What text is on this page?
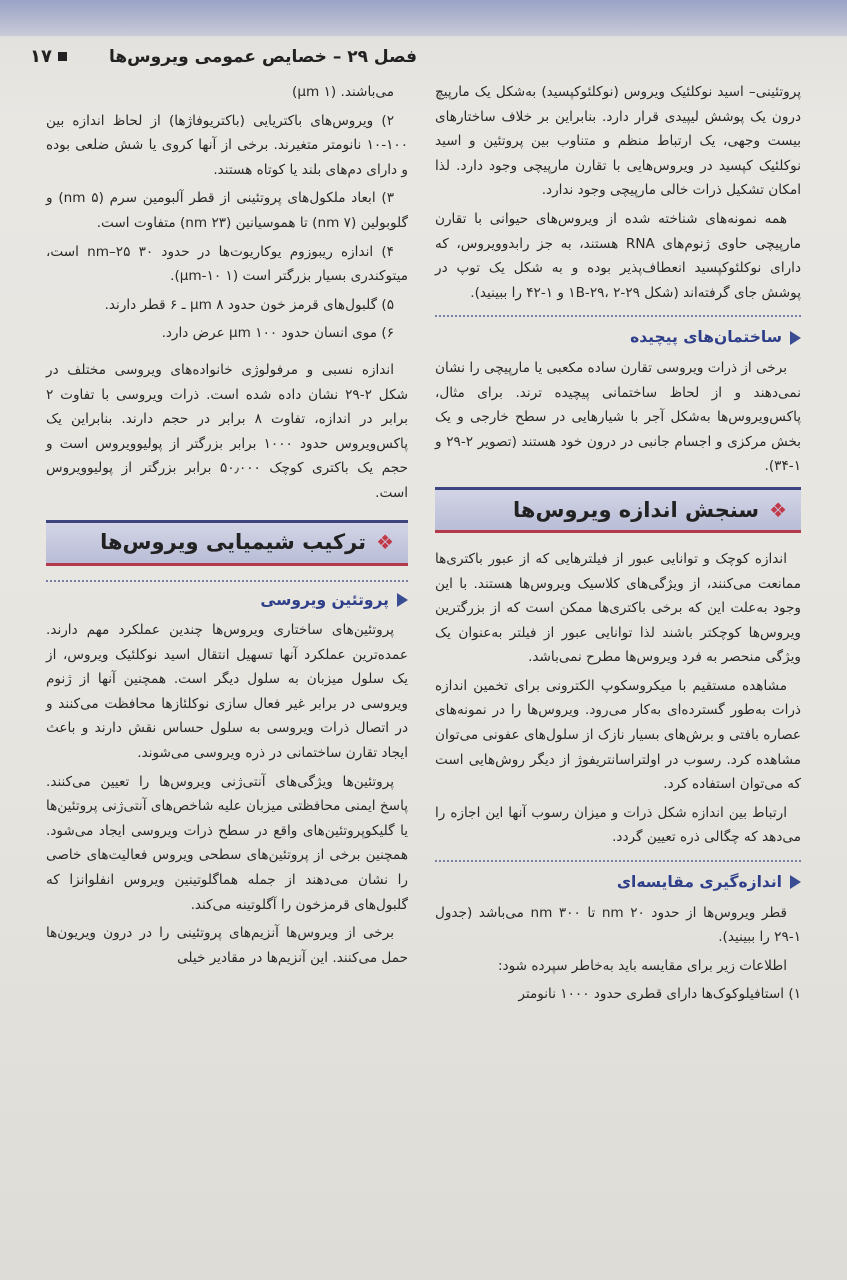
فصل ۲۹ – خصایص عمومی ویروس‌ها
۱۷

پروتئینی– اسید نوکلئیک ویروس (نوکلئوکپسید) به‌شکل یک مارپیچ درون یک پوشش لیپیدی قرار دارد. بنابراین بر خلاف ساختارهای بیست وجهی، یک ارتباط منظم و متناوب بین پروتئین و اسید نوکلئیک کپسید در ویروس‌هایی با تقارن مارپیچی وجود دارد. لذا امکان تشکیل ذرات خالی مارپیچی وجود ندارد.

همه نمونه‌های شناخته شده از ویروس‌های حیوانی با تقارن مارپیچی حاوی ژنوم‌های RNA هستند، به جز رابدوویروس، که دارای نوکلئوکپسید انعطاف‌پذیر بوده و به شکل یک توپ در پوشش جای گرفته‌اند (شکل ۱B-۲۹، ۲-۲۹ و ۱-۴۲ را ببینید).

ساختمان‌های پیچیده

برخی از ذرات ویروسی تقارن ساده مکعبی یا مارپیچی را نشان نمی‌دهند و از لحاظ ساختمانی پیچیده ترند. برای مثال، پاکس‌ویروس‌ها به‌شکل آجر با شیارهایی در سطح خارجی و یک بخش مرکزی و اجسام جانبی در درون خود هستند (تصویر ۲-۲۹ و ۱-۳۴).

❖
سنجش اندازه ویروس‌ها

اندازه کوچک و توانایی عبور از فیلترهایی که از عبور باکتری‌ها ممانعت می‌کنند، از ویژگی‌های کلاسیک ویروس‌ها هستند. با این وجود به‌علت این که برخی باکتری‌ها ممکن است که از بزرگترین ویروس‌ها کوچکتر باشند لذا توانایی عبور از فیلتر به‌عنوان یک ویژگی منحصر به فرد ویروس‌ها مطرح نمی‌باشد.

مشاهده مستقیم با میکروسکوپ الکترونی برای تخمین اندازه ذرات به‌طور گسترده‌ای به‌کار می‌رود. ویروس‌ها را در نمونه‌های عصاره بافتی و برش‌های بسیار نازک از سلول‌های عفونی می‌توان مشاهده کرد. رسوب در اولتراسانتریفوژ از دیگر روش‌هایی است که می‌توان استفاده کرد.

ارتباط بین اندازه شکل ذرات و میزان رسوب آنها این اجازه را می‌دهد که چگالی ذره تعیین گردد.

اندازه‌گیری مقایسه‌ای

قطر ویروس‌ها از حدود ۲۰ nm تا ۳۰۰ nm می‌باشد (جدول ۱-۲۹ را ببینید).

اطلاعات زیر برای مقایسه باید به‌خاطر سپرده شود:

۱) استافیلوکوک‌ها دارای قطری حدود ۱۰۰۰ نانومتر

می‌باشند. (۱ μm)

۲) ویروس‌های باکتریایی (باکتریوفاژها) از لحاظ اندازه بین ۱۰۰-۱۰ نانومتر متغیرند. برخی از آنها کروی یا شش ضلعی بوده و دارای دم‌های بلند یا کوتاه هستند.

۳) ابعاد ملکول‌های پروتئینی از قطر آلبومین سرم (nm ۵) و گلوبولین (۷ nm) تا هموسیانین (۲۳ nm) متفاوت است.

۴) اندازه ریبوزوم یوکاریوت‌ها در حدود ۳۰ nm–۲۵ است، میتوکندری بسیار بزرگتر است (۱ μm-۱۰).

۵) گلبول‌های قرمز خون حدود ۸ μm ـ ۶ قطر دارند.

۶) موی انسان حدود ۱۰۰ μm عرض دارد.

اندازه نسبی و مرفولوژی خانواده‌های ویروسی مختلف در شکل ۲-۲۹ نشان داده شده است. ذرات ویروسی با تفاوت ۲ برابر در اندازه، تفاوت ۸ برابر در حجم دارند. بنابراین یک پاکس‌ویروس حدود ۱۰۰۰ برابر بزرگتر از پولیوویروس است و حجم یک باکتری کوچک ۵۰٫۰۰۰ برابر بزرگتر از پولیوویروس است.

❖
ترکیب شیمیایی ویروس‌ها
پروتئین ویروسی

پروتئین‌های ساختاری ویروس‌ها چندین عملکرد مهم دارند. عمده‌ترین عملکرد آنها تسهیل انتقال اسید نوکلئیک ویروس، از یک سلول میزبان به سلول دیگر است. همچنین آنها از ژنوم ویروسی در برابر غیر فعال سازی نوکلئازها محافظت می‌کنند و در اتصال ذرات ویروسی به سلول حساس نقش دارند و باعث ایجاد تقارن ساختمانی در ذره ویروسی می‌شوند.

پروتئین‌ها ویژگی‌های آنتی‌ژنی ویروس‌ها را تعیین می‌کنند. پاسخ ایمنی محافظتی میزبان علیه شاخص‌های آنتی‌ژنی پروتئین‌ها یا گلیکوپروتئین‌های واقع در سطح ذرات ویروسی ایجاد می‌شود. همچنین برخی از پروتئین‌های سطحی ویروس فعالیت‌های خاصی را نشان می‌دهند از جمله هماگلوتینین ویروس انفلوانزا که گلبول‌های قرمزخون را آگلوتینه می‌کند.

برخی از ویروس‌ها آنزیم‌های پروتئینی را در درون ویریون‌ها حمل می‌کنند. این آنزیم‌ها در مقادیر خیلی
